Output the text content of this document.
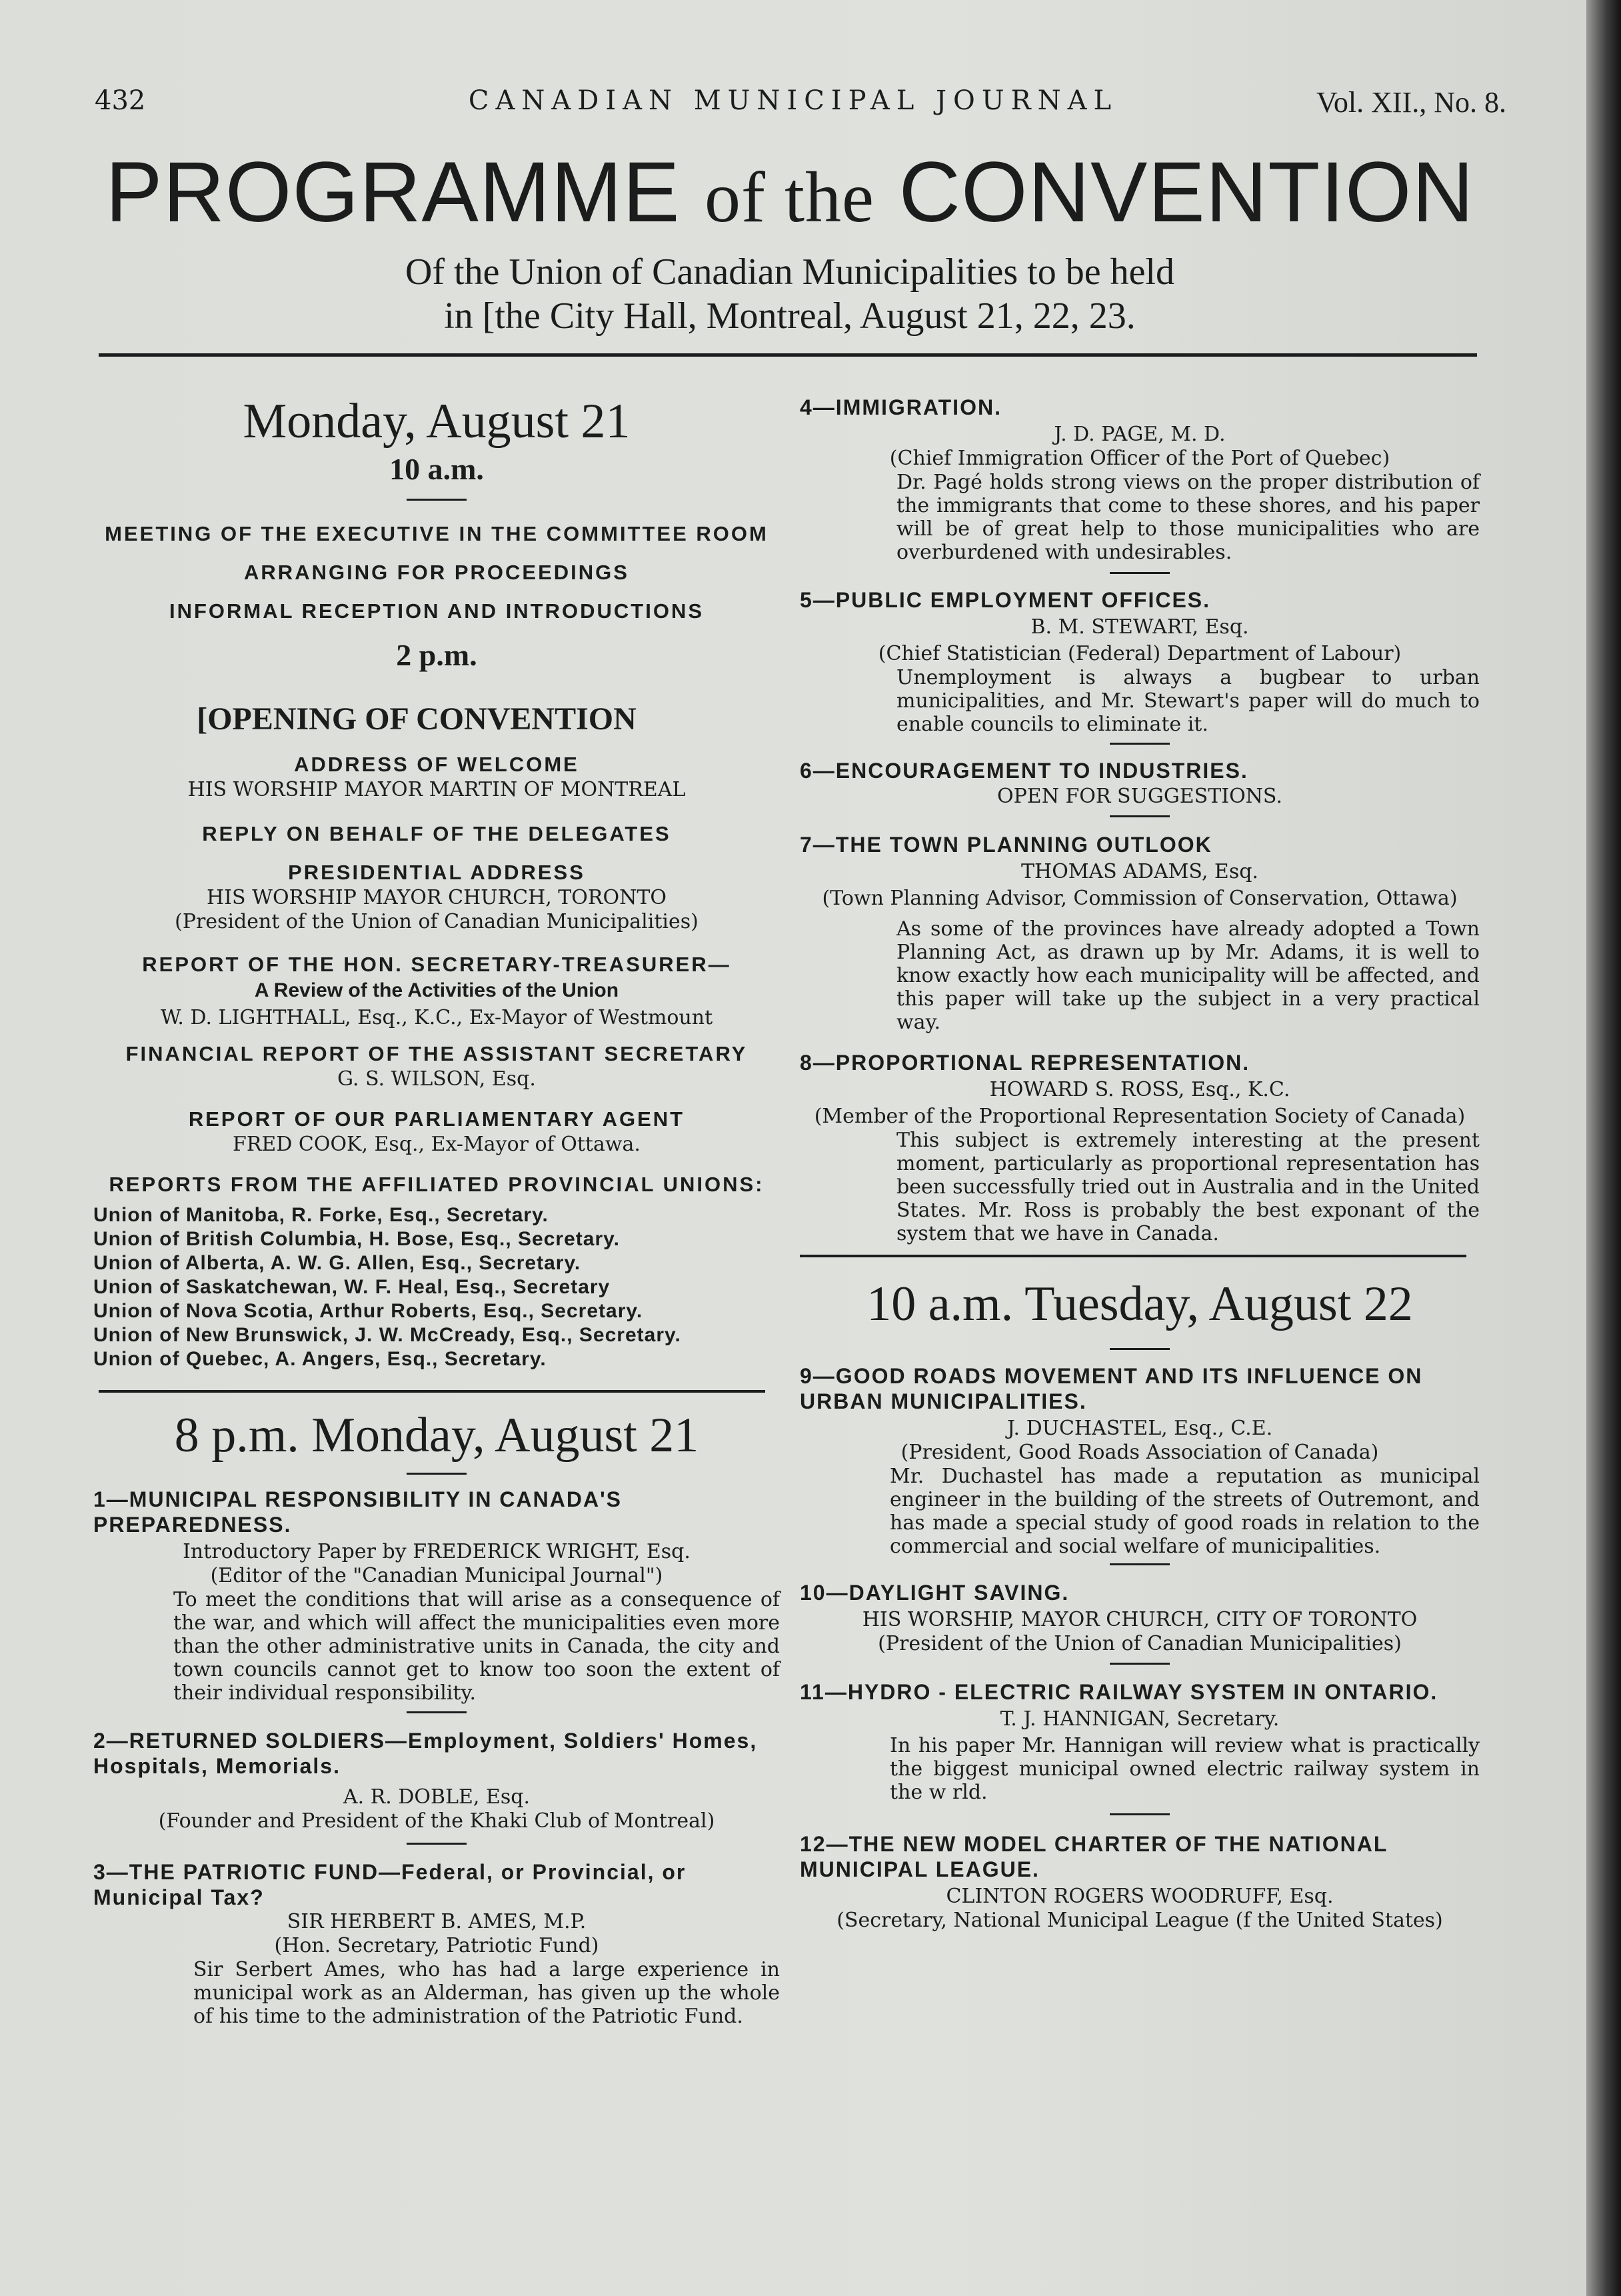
432	CANADIAN MUNICIPAL JOURNAL	Vol. XII., No. 8.
PROGRAMME of the CONVENTION
Of the Union of Canadian Municipalities to be held
in [the City Hall, Montreal, August 21, 22, 23.
Monday, August 21
10 a.m.
MEETING OF THE EXECUTIVE IN THE COMMITTEE ROOM
ARRANGING FOR PROCEEDINGS
INFORMAL RECEPTION AND INTRODUCTIONS
2 p.m.
[OPENING OF CONVENTION
ADDRESS OF WELCOME
HIS WORSHIP MAYOR MARTIN OF MONTREAL
REPLY ON BEHALF OF THE DELEGATES
PRESIDENTIAL ADDRESS
HIS WORSHIP MAYOR CHURCH, TORONTO
(President of the Union of Canadian Municipalities)
REPORT OF THE HON. SECRETARY-TREASURER—
A Review of the Activities of the Union
W. D. LIGHTHALL, Esq., K.C., Ex-Mayor of Westmount
FINANCIAL REPORT OF THE ASSISTANT SECRETARY
G. S. WILSON, Esq.
REPORT OF OUR PARLIAMENTARY AGENT
FRED COOK, Esq., Ex-Mayor of Ottawa.
REPORTS FROM THE AFFILIATED PROVINCIAL UNIONS:
Union of Manitoba, R. Forke, Esq., Secretary.
Union of British Columbia, H. Bose, Esq., Secretary.
Union of Alberta, A. W. G. Allen, Esq., Secretary.
Union of Saskatchewan, W. F. Heal, Esq., Secretary
Union of Nova Scotia, Arthur Roberts, Esq., Secretary.
Union of New Brunswick, J. W. McCready, Esq., Secretary.
Union of Quebec, A. Angers, Esq., Secretary.
8 p.m. Monday, August 21
1—MUNICIPAL RESPONSIBILITY IN CANADA'S PREPAREDNESS.
Introductory Paper by FREDERICK WRIGHT, Esq.
(Editor of the "Canadian Municipal Journal")
To meet the conditions that will arise as a consequence of the war, and which will affect the municipalities even more than the other administrative units in Canada, the city and town councils cannot get to know too soon the extent of their individual responsibility.
2—RETURNED SOLDIERS—Employment, Soldiers' Homes, Hospitals, Memorials.
A. R. DOBLE, Esq.
(Founder and President of the Khaki Club of Montreal)
3—THE PATRIOTIC FUND—Federal, or Provincial, or Municipal Tax?
SIR HERBERT B. AMES, M.P.
(Hon. Secretary, Patriotic Fund)
Sir Serbert Ames, who has had a large experience in municipal work as an Alderman, has given up the whole of his time to the administration of the Patriotic Fund.
4—IMMIGRATION.
J. D. PAGE, M. D.
(Chief Immigration Officer of the Port of Quebec)
Dr. Pagé holds strong views on the proper distribution of the immigrants that come to these shores, and his paper will be of great help to those municipalities who are overburdened with undesirables.
5—PUBLIC EMPLOYMENT OFFICES.
B. M. STEWART, Esq.
(Chief Statistician (Federal) Department of Labour)
Unemployment is always a bugbear to urban municipalities, and Mr. Stewart's paper will do much to enable councils to eliminate it.
6—ENCOURAGEMENT TO INDUSTRIES.
OPEN FOR SUGGESTIONS.
7—THE TOWN PLANNING OUTLOOK
THOMAS ADAMS, Esq.
(Town Planning Advisor, Commission of Conservation, Ottawa)
As some of the provinces have already adopted a Town Planning Act, as drawn up by Mr. Adams, it is well to know exactly how each municipality will be affected, and this paper will take up the subject in a very practical way.
8—PROPORTIONAL REPRESENTATION.
HOWARD S. ROSS, Esq., K.C.
(Member of the Proportional Representation Society of Canada)
This subject is extremely interesting at the present moment, particularly as proportional representation has been successfully tried out in Australia and in the United States. Mr. Ross is probably the best exponant of the system that we have in Canada.
10 a.m. Tuesday, August 22
9—GOOD ROADS MOVEMENT AND ITS INFLUENCE ON URBAN MUNICIPALITIES.
J. DUCHASTEL, Esq., C.E.
(President, Good Roads Association of Canada)
Mr. Duchastel has made a reputation as municipal engineer in the building of the streets of Outremont, and has made a special study of good roads in relation to the commercial and social welfare of municipalities.
10—DAYLIGHT SAVING.
HIS WORSHIP, MAYOR CHURCH, CITY OF TORONTO
(President of the Union of Canadian Municipalities)
11—HYDRO - ELECTRIC RAILWAY SYSTEM IN ONTARIO.
T. J. HANNIGAN, Secretary.
In his paper Mr. Hannigan will review what is practically the biggest municipal owned electric railway system in the w rld.
12—THE NEW MODEL CHARTER OF THE NATIONAL MUNICIPAL LEAGUE.
CLINTON ROGERS WOODRUFF, Esq.
(Secretary, National Municipal League (f the United States)
